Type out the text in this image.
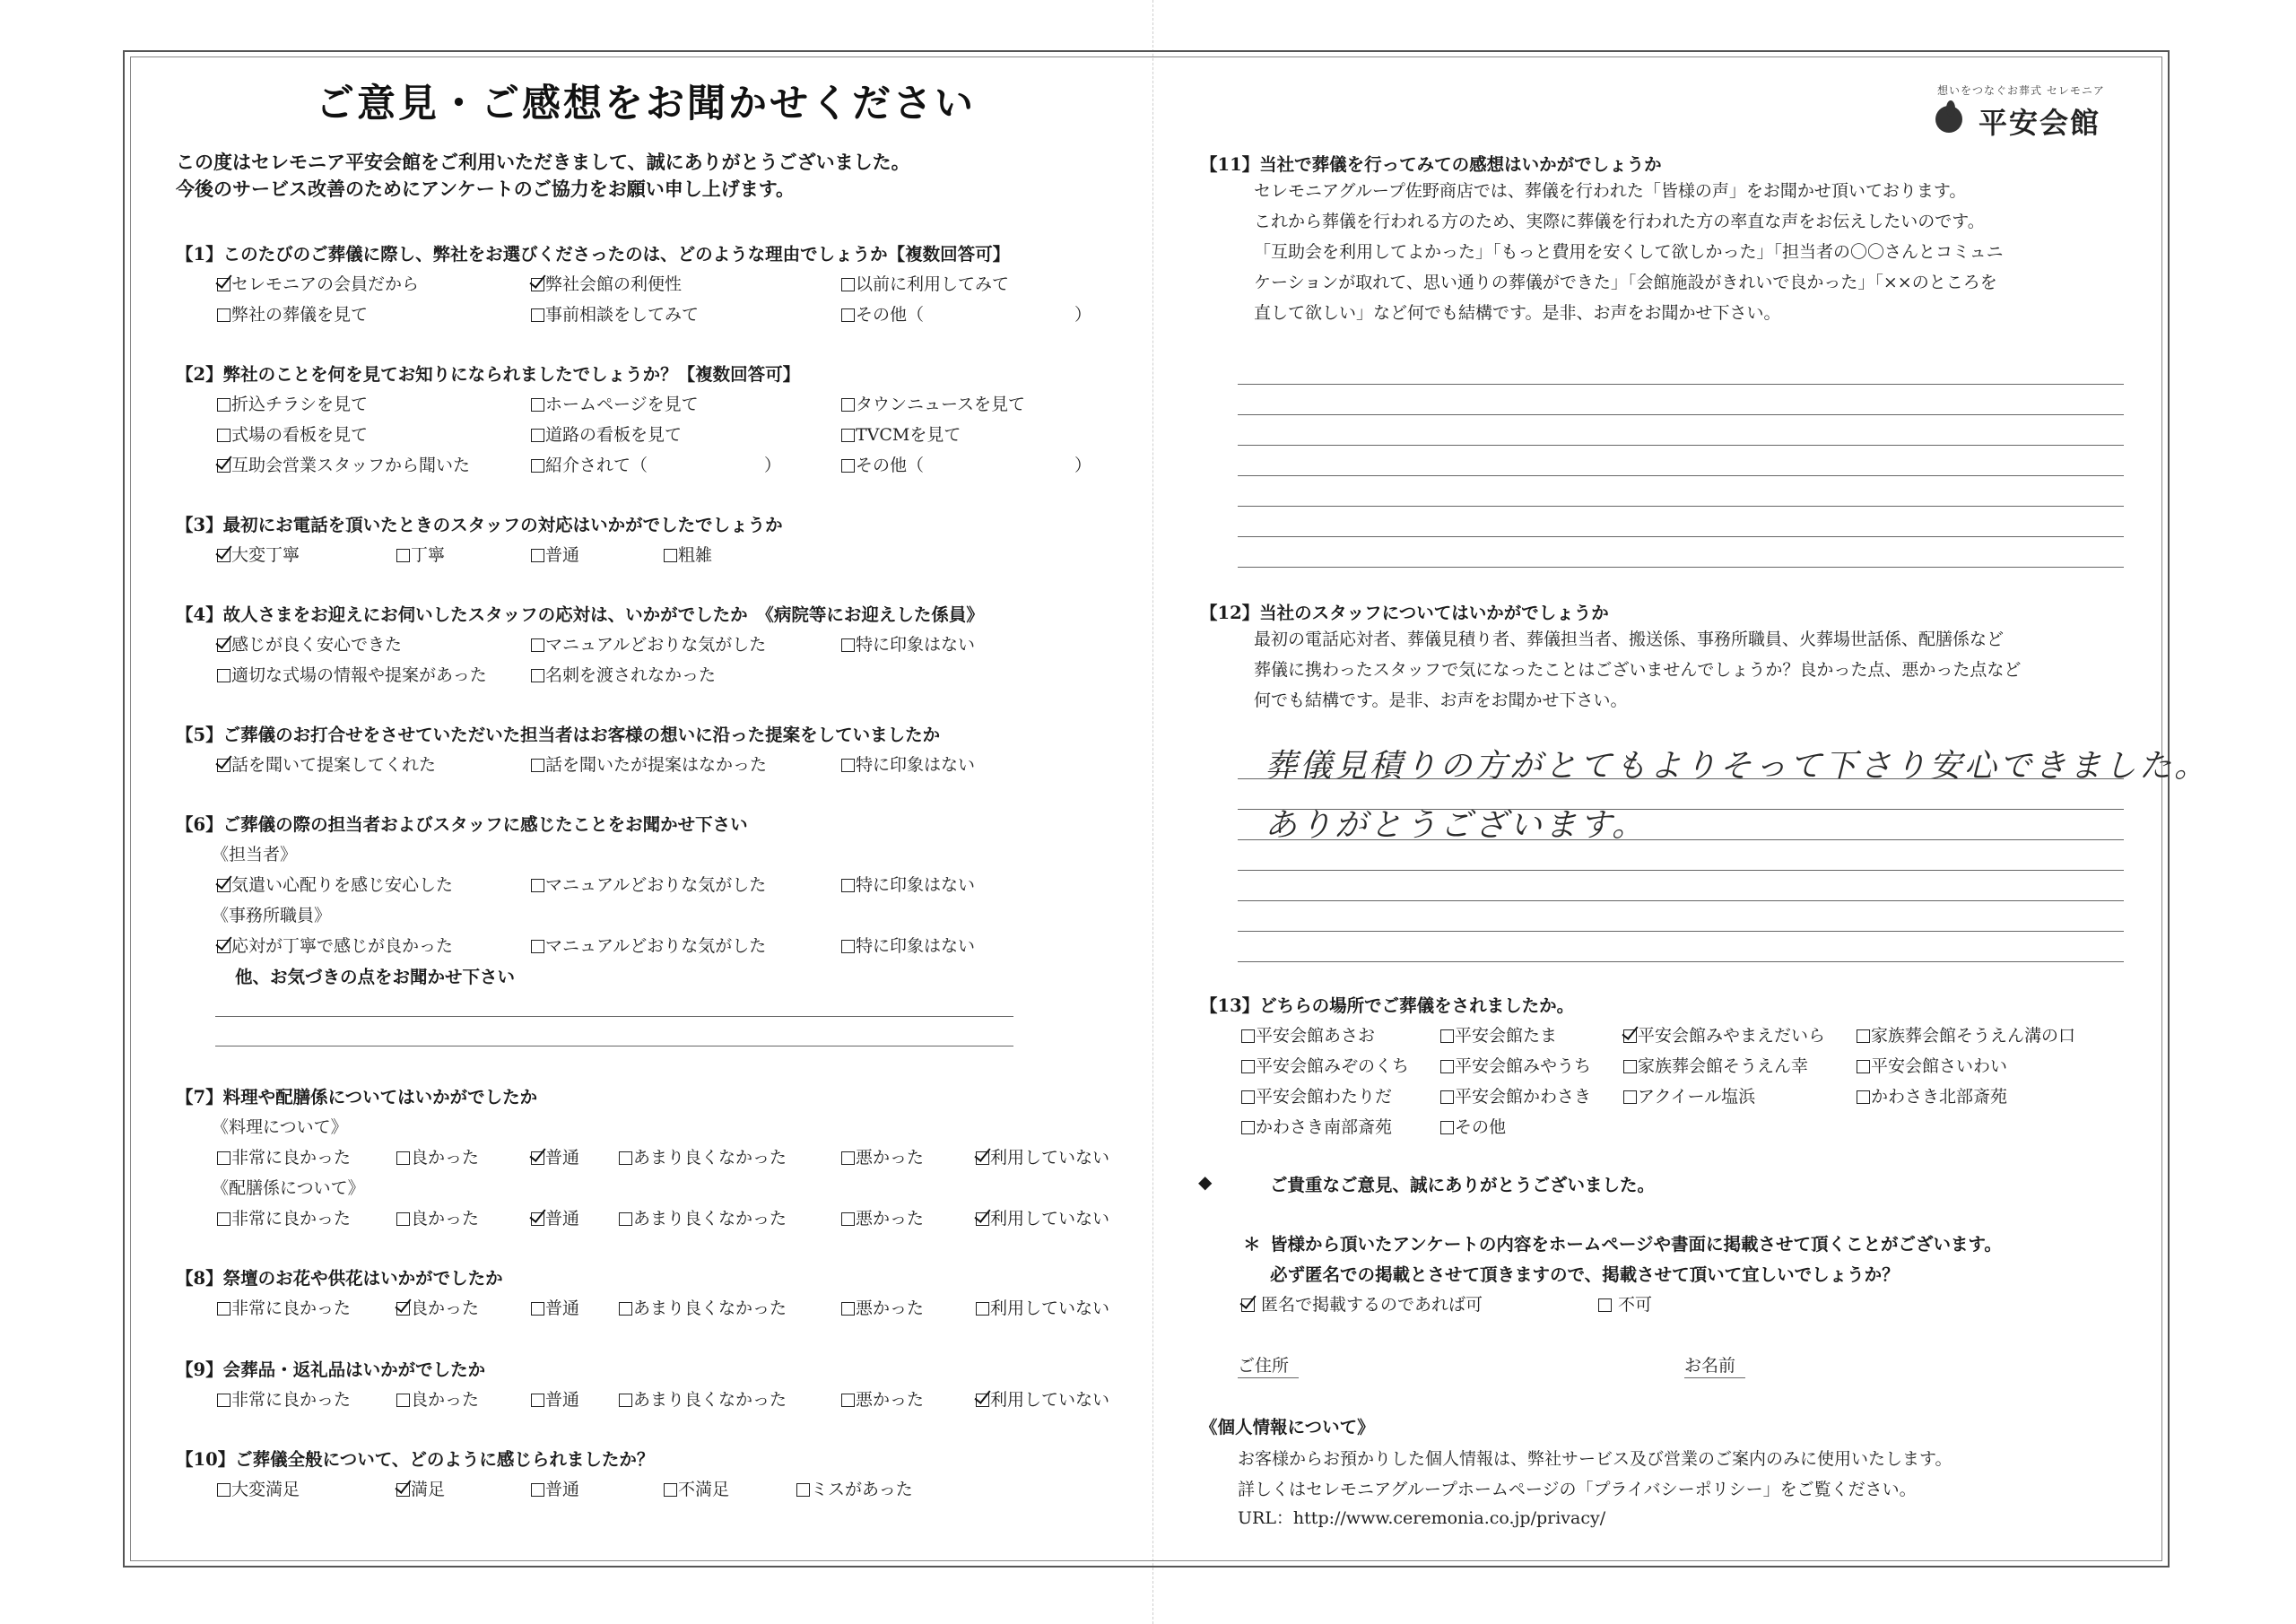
ご意見・ご感想をお聞かせください
この度はセレモニア平安会館をご利用いただきまして、誠にありがとうございました。
今後のサービス改善のためにアンケートのご協力をお願い申し上げます。
【1】このたびのご葬儀に際し、弊社をお選びくださったのは、どのような理由でしょうか【複数回答可】
セレモニアの会員だから	弊社会館の利便性	以前に利用してみて
弊社の葬儀を見て	事前相談をしてみて	その他（	）
【2】弊社のことを何を見てお知りになられましたでしょうか？【複数回答可】
折込チラシを見て	ホームページを見て	タウンニュースを見て
式場の看板を見て	道路の看板を見て	TVCMを見て
互助会営業スタッフから聞いた	紹介されて（	）	その他（	）
【3】最初にお電話を頂いたときのスタッフの対応はいかがでしたでしょうか
大変丁寧	丁寧	普通	粗雑
【4】故人さまをお迎えにお伺いしたスタッフの応対は、いかがでしたか　《病院等にお迎えした係員》
感じが良く安心できた	マニュアルどおりな気がした	特に印象はない
適切な式場の情報や提案があった	名刺を渡されなかった
【5】ご葬儀のお打合せをさせていただいた担当者はお客様の想いに沿った提案をしていましたか
話を聞いて提案してくれた	話を聞いたが提案はなかった	特に印象はない
【6】ご葬儀の際の担当者およびスタッフに感じたことをお聞かせ下さい
《担当者》
気遣い心配りを感じ安心した	マニュアルどおりな気がした	特に印象はない
《事務所職員》
応対が丁寧で感じが良かった	マニュアルどおりな気がした	特に印象はない
他、お気づきの点をお聞かせ下さい
【7】料理や配膳係についてはいかがでしたか
《料理について》
非常に良かった	良かった	普通	あまり良くなかった	悪かった	利用していない
《配膳係について》
非常に良かった	良かった	普通	あまり良くなかった	悪かった	利用していない
【8】祭壇のお花や供花はいかがでしたか
非常に良かった	良かった	普通	あまり良くなかった	悪かった	利用していない
【9】会葬品・返礼品はいかがでしたか
非常に良かった	良かった	普通	あまり良くなかった	悪かった	利用していない
【10】ご葬儀全般について、どのように感じられましたか？
大変満足	満足	普通	不満足	ミスがあった
想いをつなぐお葬式 セレモニア
平安会館
【11】当社で葬儀を行ってみての感想はいかがでしょうか
セレモニアグループ佐野商店では、葬儀を行われた「皆様の声」をお聞かせ頂いております。
これから葬儀を行われる方のため、実際に葬儀を行われた方の率直な声をお伝えしたいのです。
「互助会を利用してよかった」「もっと費用を安くして欲しかった」「担当者の〇〇さんとコミュニ
ケーションが取れて、思い通りの葬儀ができた」「会館施設がきれいで良かった」「××のところを
直して欲しい」など何でも結構です。是非、お声をお聞かせ下さい。
【12】当社のスタッフについてはいかがでしょうか
最初の電話応対者、葬儀見積り者、葬儀担当者、搬送係、事務所職員、火葬場世話係、配膳係など
葬儀に携わったスタッフで気になったことはございませんでしょうか？良かった点、悪かった点など
何でも結構です。是非、お声をお聞かせ下さい。
葬儀見積りの方がとてもよりそって下さり安心できました。
ありがとうございます。
【13】どちらの場所でご葬儀をされましたか。
平安会館あさお	平安会館たま	平安会館みやまえだいら	家族葬会館そうえん溝の口
平安会館みぞのくち	平安会館みやうち	家族葬会館そうえん幸	平安会館さいわい
平安会館わたりだ	平安会館かわさき	アクイール塩浜	かわさき北部斎苑
かわさき南部斎苑	その他
◆	ご貴重なご意見、誠にありがとうございました。
＊ 皆様から頂いたアンケートの内容をホームページや書面に掲載させて頂くことがございます。
必ず匿名での掲載とさせて頂きますので、掲載させて頂いて宜しいでしょうか？
匿名で掲載するのであれば可	不可
ご住所	お名前
《個人情報について》
お客様からお預かりした個人情報は、弊社サービス及び営業のご案内のみに使用いたします。
詳しくはセレモニアグループホームページの「プライバシーポリシー」をご覧ください。
URL：http://www.ceremonia.co.jp/privacy/
